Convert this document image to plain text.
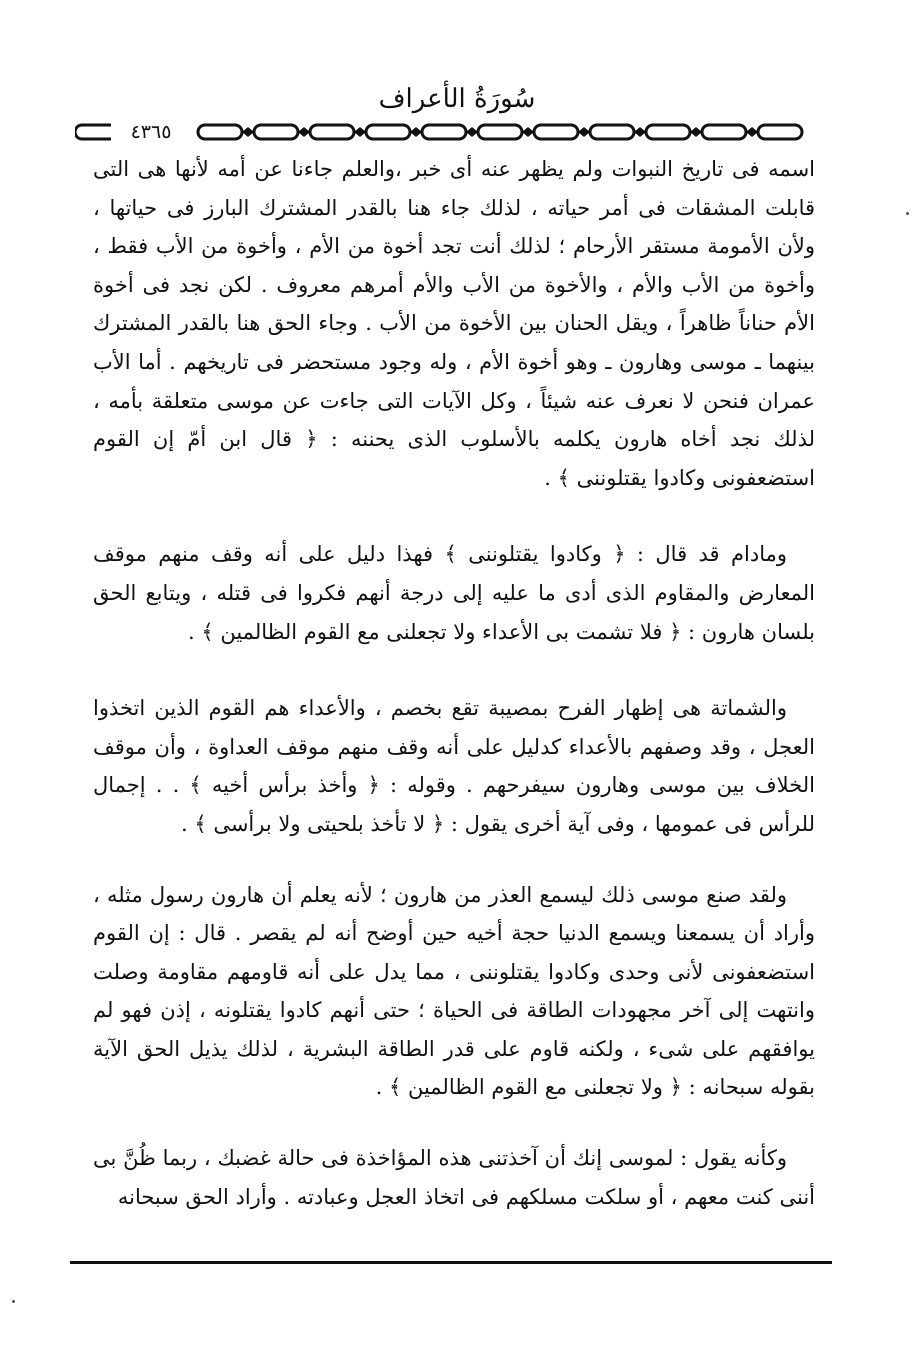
سُورَةُ الأعراف
٤٣٦٥

اسمه فى تاريخ النبوات ولم يظهر عنه أى خبر ،والعلم جاءنا عن أمه لأنها هى التى قابلت المشقات فى أمر حياته ، لذلك جاء هنا بالقدر المشترك البارز فى حياتها ، ولأن الأمومة مستقر الأرحام ؛ لذلك أنت تجد أخوة من الأم ، وأخوة من الأب فقط ، وأخوة من الأب والأم ، والأخوة من الأب والأم أمرهم معروف . لكن نجد فى أخوة الأم حناناً ظاهراً ، ويقل الحنان بين الأخوة من الأب . وجاء الحق هنا بالقدر المشترك بينهما ـ موسى وهارون ـ وهو أخوة الأم ، وله وجود مستحضر فى تاريخهم . أما الأب عمران فنحن لا نعرف عنه شيئاً ، وكل الآيات التى جاءت عن موسى متعلقة بأمه ، لذلك نجد أخاه هارون يكلمه بالأسلوب الذى يحننه : ﴿ قال ابن أمّ إن القوم استضعفونى وكادوا يقتلوننى ﴾ .

ومادام قد قال : ﴿ وكادوا يقتلوننى ﴾ فهذا دليل على أنه وقف منهم موقف المعارض والمقاوم الذى أدى ما عليه إلى درجة أنهم فكروا فى قتله ، ويتابع الحق بلسان هارون : ﴿ فلا تشمت بى الأعداء ولا تجعلنى مع القوم الظالمين ﴾ .

والشماتة هى إظهار الفرح بمصيبة تقع بخصم ، والأعداء هم القوم الذين اتخذوا العجل ، وقد وصفهم بالأعداء كدليل على أنه وقف منهم موقف العداوة ، وأن موقف الخلاف بين موسى وهارون سيفرحهم . وقوله : ﴿ وأخذ برأس أخيه ﴾ . . إجمال للرأس فى عمومها ، وفى آية أخرى يقول : ﴿ لا تأخذ بلحيتى ولا برأسى ﴾ .

ولقد صنع موسى ذلك ليسمع العذر من هارون ؛ لأنه يعلم أن هارون رسول مثله ، وأراد أن يسمعنا ويسمع الدنيا حجة أخيه حين أوضح أنه لم يقصر . قال : إن القوم استضعفونى لأنى وحدى وكادوا يقتلوننى ، مما يدل على أنه قاومهم مقاومة وصلت وانتهت إلى آخر مجهودات الطاقة فى الحياة ؛ حتى أنهم كادوا يقتلونه ، إذن فهو لم يوافقهم على شىء ، ولكنه قاوم على قدر الطاقة البشرية ، لذلك يذيل الحق الآية بقوله سبحانه : ﴿ ولا تجعلنى مع القوم الظالمين ﴾ .

وكأنه يقول : لموسى إنك أن آخذتنى هذه المؤاخذة فى حالة غضبك ، ربما ظُنَّ بى أننى كنت معهم ، أو سلكت مسلكهم فى اتخاذ العجل وعبادته . وأراد الحق سبحانه
